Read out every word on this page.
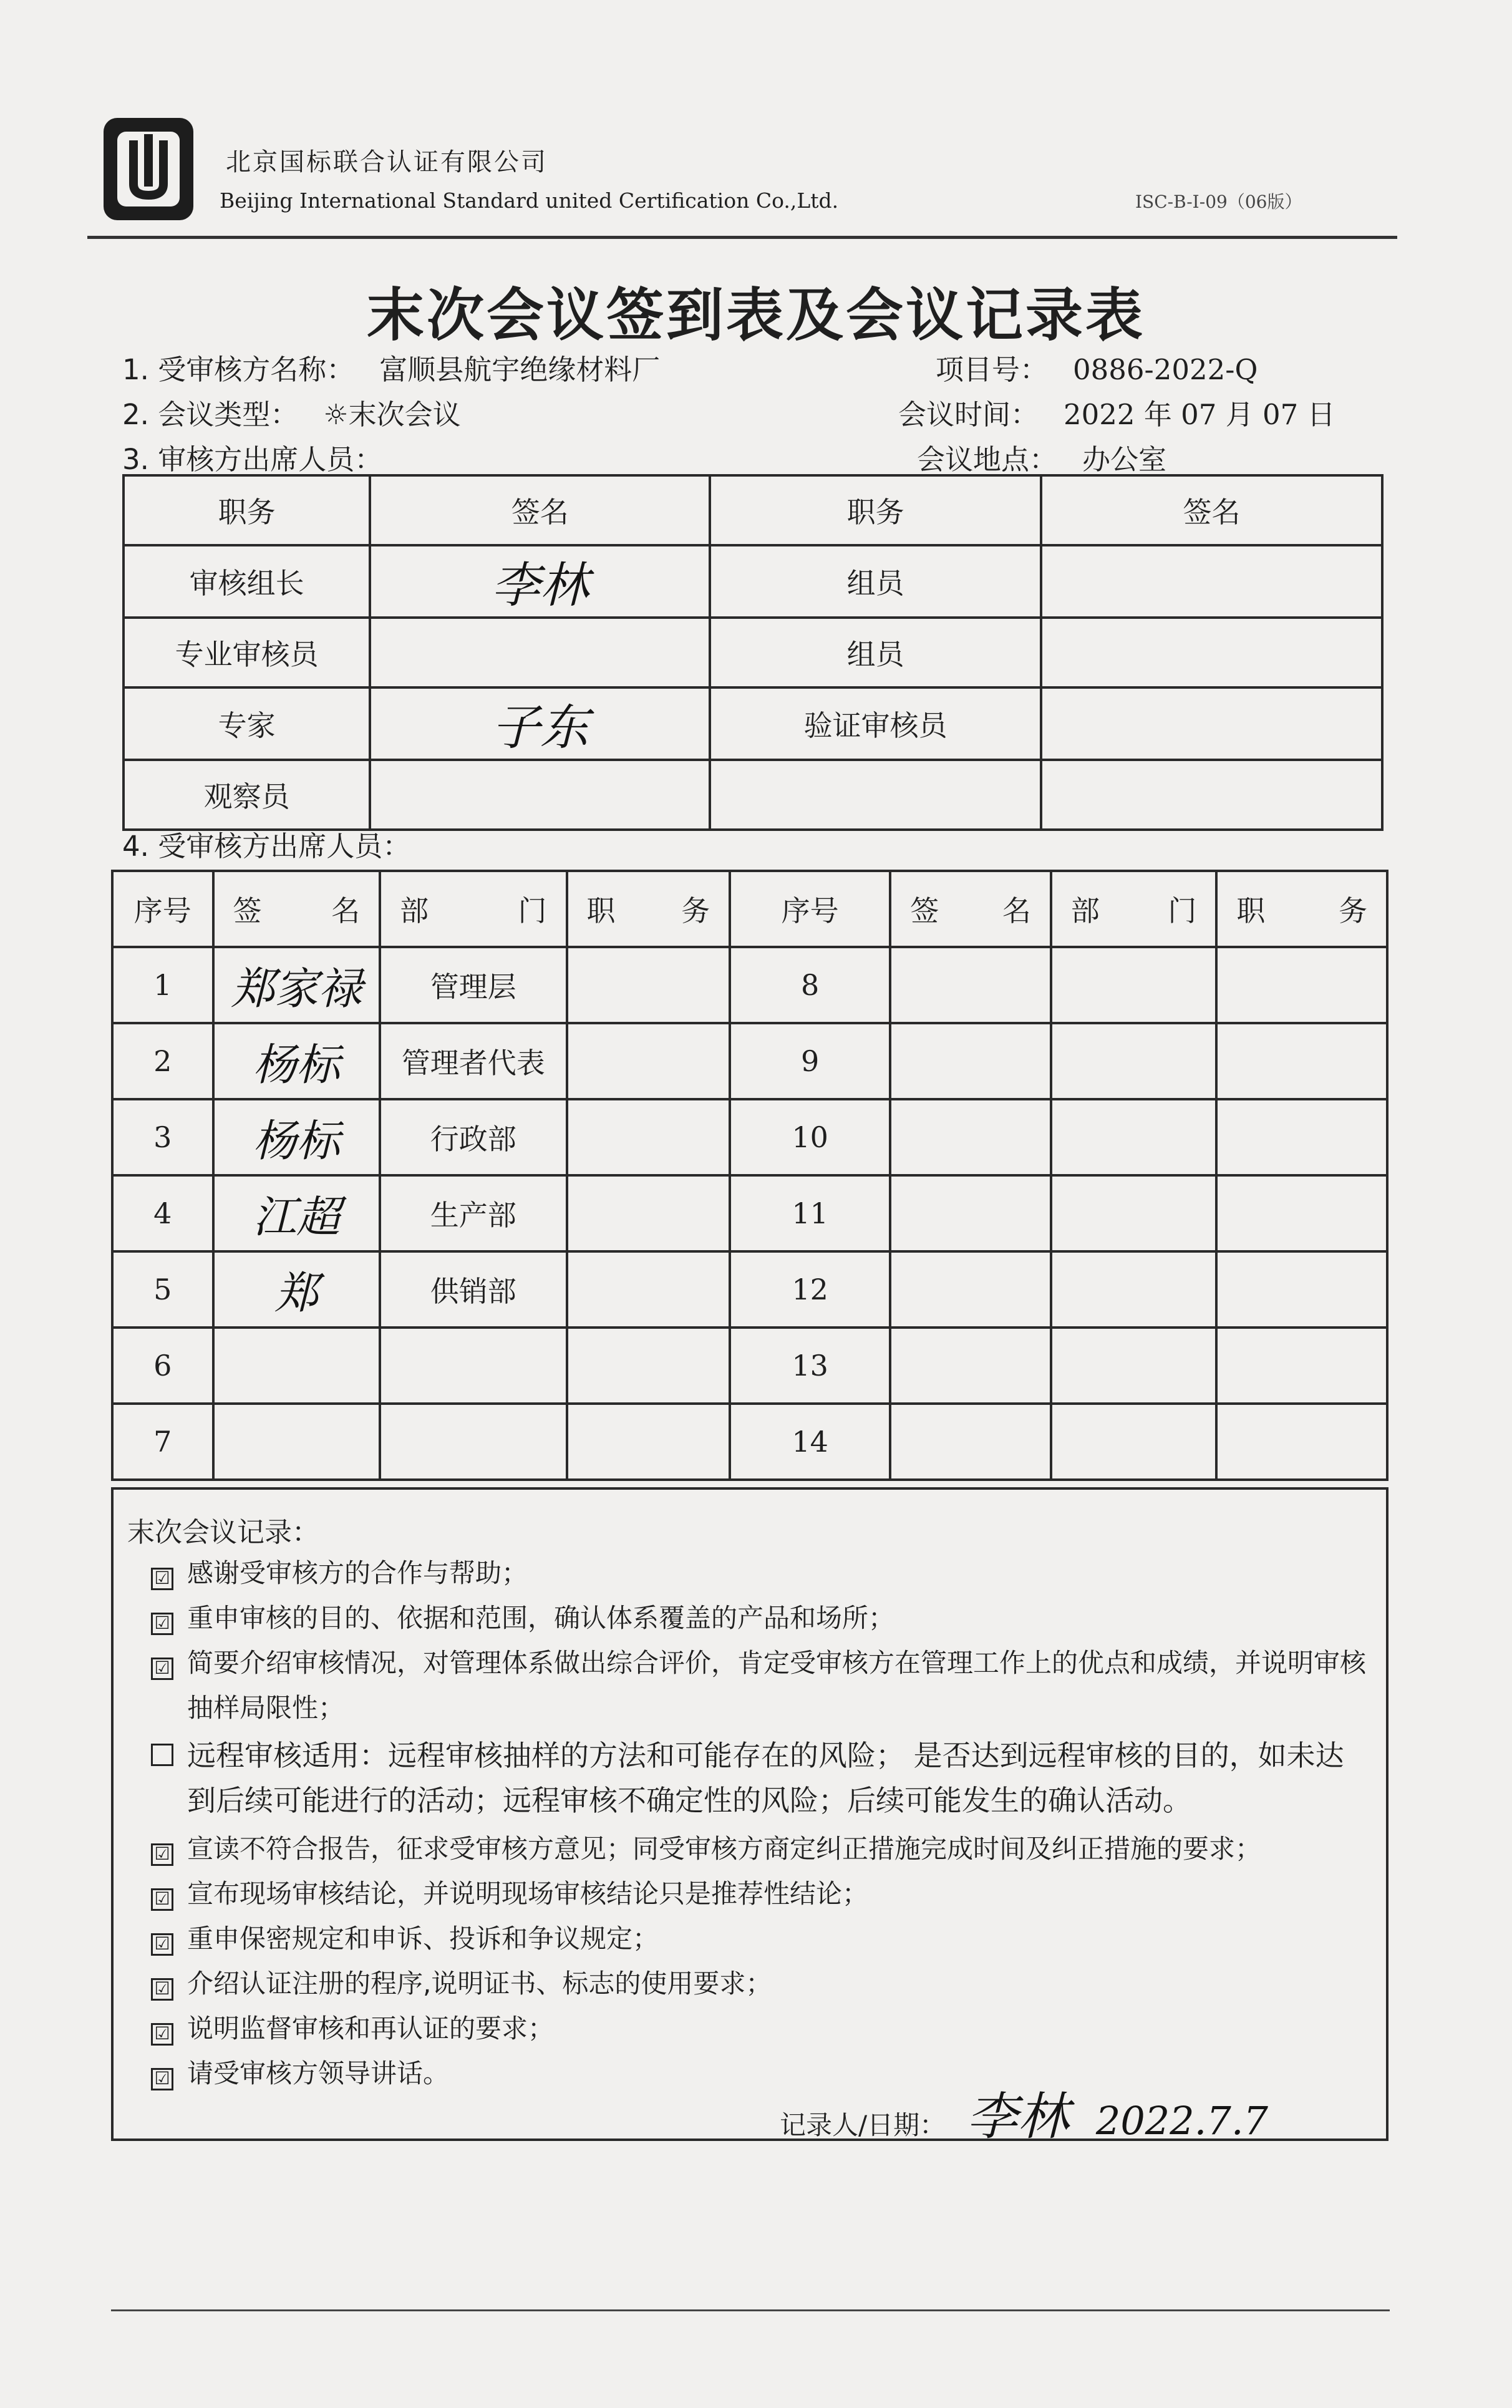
北京国标联合认证有限公司
Beijing International Standard united Certification Co.,Ltd.	ISC-B-I-09（06版）
末次会议签到表及会议记录表
1. 受审核方名称： 富顺县航宇绝缘材料厂	项目号： 0886-2022-Q
2. 会议类型： ☼末次会议	会议时间： 2022 年 07 月 07 日
3. 审核方出席人员：	会议地点： 办公室
职务	签名	职务	签名
审核组长	李林	组员	
专业审核员		组员	
专家	子东	验证审核员	
观察员			
4. 受审核方出席人员：
序号	签 名	部 门	职 务	序号	签 名	部 门	职 务

1	郑家禄	管理层		8			
2	杨标	管理者代表		9			
3	杨标	行政部		10			
4	江超	生产部		11			
5	郑	供销部		12			
6				13			
7				14			
末次会议记录：
☑ 感谢受审核方的合作与帮助；
☑ 重申审核的目的、依据和范围，确认体系覆盖的产品和场所；
☑ 简要介绍审核情况，对管理体系做出综合评价，肯定受审核方在管理工作上的优点和成绩，并说明审核抽样局限性；
远程审核适用：远程审核抽样的方法和可能存在的风险； 是否达到远程审核的目的，如未达到后续可能进行的活动；远程审核不确定性的风险；后续可能发生的确认活动。
☑ 宣读不符合报告，征求受审核方意见；同受审核方商定纠正措施完成时间及纠正措施的要求；
☑ 宣布现场审核结论，并说明现场审核结论只是推荐性结论；
☑ 重申保密规定和申诉、投诉和争议规定；
☑ 介绍认证注册的程序,说明证书、标志的使用要求；
☑ 说明监督审核和再认证的要求；
☑ 请受审核方领导讲话。
记录人/日期： 李林 2022.7.7
